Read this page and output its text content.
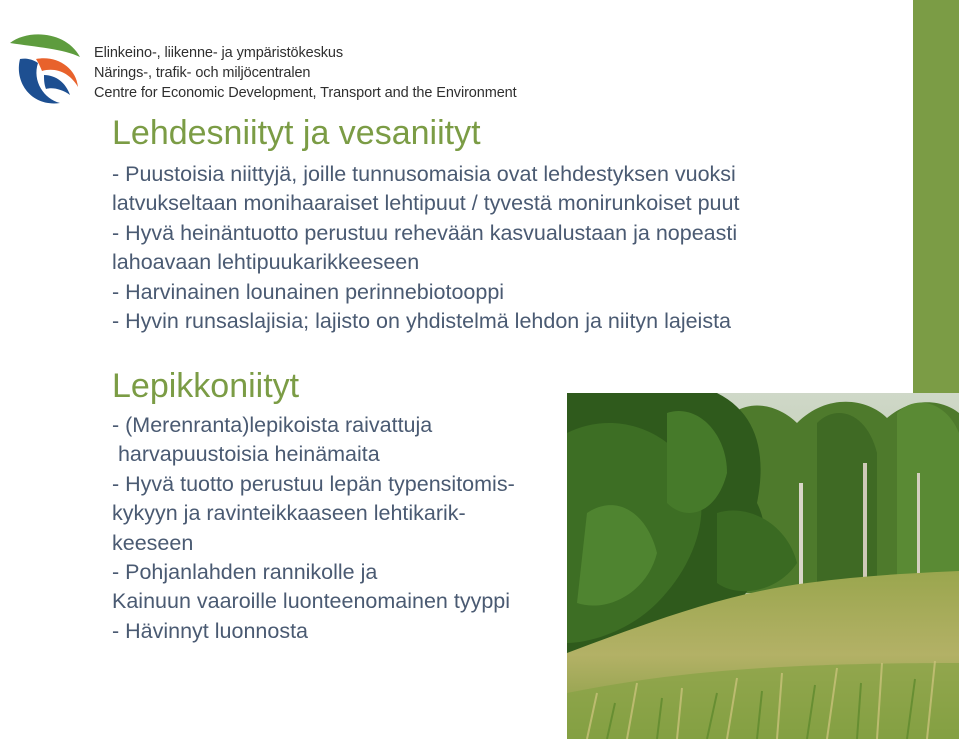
Elinkeino-, liikenne- ja ympäristökeskus
Närings-, trafik- och miljöcentralen
Centre for Economic Development, Transport and the Environment
Lehdesniityt ja vesaniityt
- Puustoisia niittyjä, joille tunnusomaisia ovat lehdestyksen vuoksi
latvukseltaan monihaaraiset lehtipuut / tyvestä monirunkoiset puut
- Hyvä heinäntuotto perustuu rehevään kasvualustaan ja nopeasti
lahoavaan lehtipuukarikkeeseen
- Harvinainen lounainen perinnebiotooppi
- Hyvin runsaslajisia; lajisto on yhdistelmä lehdon ja niityn lajeista
Lepikkoniityt
- (Merenranta)lepikoista raivattuja
harvapuustoisia heinämaita
- Hyvä tuotto perustuu lepän typensitomis-
kykyyn ja ravinteikkaaseen lehtikarik-
keeseen
- Pohjanlahden rannikolle ja
Kainuun vaaroille luonteenomainen tyyppi
- Hävinnyt luonnosta
